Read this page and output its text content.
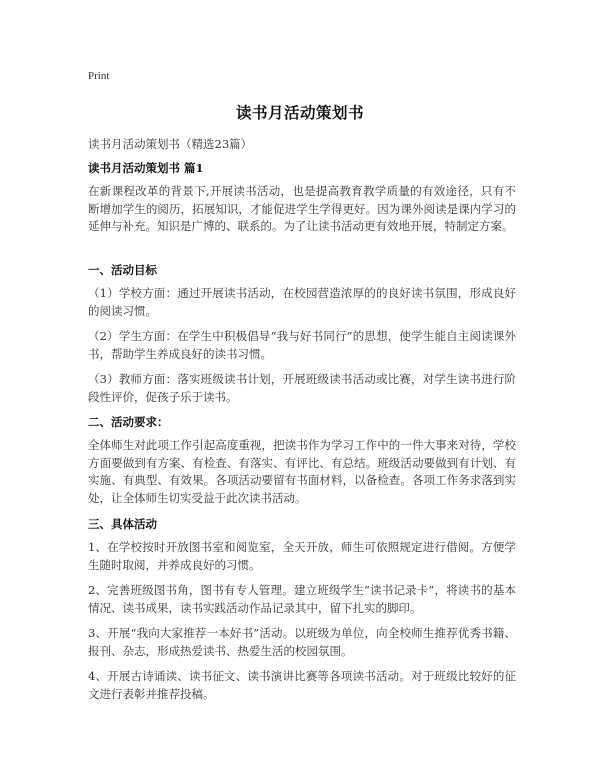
Print
读书月活动策划书
读书月活动策划书（精选23篇）
读书月活动策划书 篇1
在新课程改革的背景下,开展读书活动，也是提高教育教学质量的有效途径，只有不断增加学生的阅历，拓展知识，才能促进学生学得更好。因为课外阅读是课内学习的延伸与补充。知识是广博的、联系的。为了让读书活动更有效地开展，特制定方案。
一、活动目标
（1）学校方面：通过开展读书活动，在校园营造浓厚的的良好读书氛围，形成良好的阅读习惯。
（2）学生方面：在学生中积极倡导“我与好书同行”的思想，使学生能自主阅读课外书，帮助学生养成良好的读书习惯。
（3）教师方面：落实班级读书计划，开展班级读书活动或比赛，对学生读书进行阶段性评价，促孩子乐于读书。
二、活动要求：
全体师生对此项工作引起高度重视，把读书作为学习工作中的一件大事来对待，学校方面要做到有方案、有检查、有落实、有评比、有总结。班级活动要做到有计划、有实施、有典型、有效果。各项活动要留有书面材料，以备检查。各项工作务求落到实处，让全体师生切实受益于此次读书活动。
三、具体活动
1、在学校按时开放图书室和阅览室，全天开放，师生可依照规定进行借阅。方便学生随时取阅，并养成良好的习惯。
2、完善班级图书角，图书有专人管理。建立班级学生“读书记录卡”，将读书的基本情况、读书成果，读书实践活动作品记录其中，留下扎实的脚印。
3、开展“我向大家推荐一本好书”活动。以班级为单位，向全校师生推荐优秀书籍、报刊、杂志，形成热爱读书、热爱生活的校园氛围。
4、开展古诗诵读、读书征文、读书演讲比赛等各项读书活动。对于班级比较好的征文进行表彰并推荐投稿。
